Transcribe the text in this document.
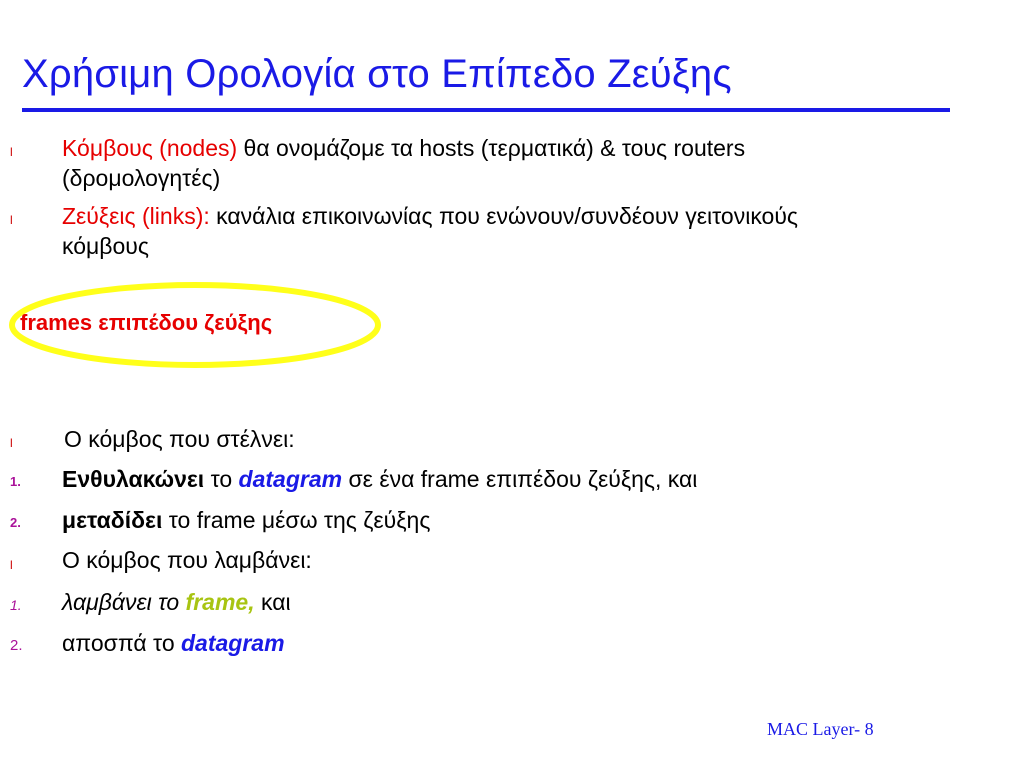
Χρήσιμη Ορολογία στο Επίπεδο Ζεύξης
l Κόμβους (nodes) θα ονομάζομε τα hosts (τερματικά) & τους routers
(δρομολογητές)
l Ζεύξεις (links): κανάλια επικοινωνίας που ενώνουν/συνδέουν γειτονικούς
κόμβους
frames επιπέδου ζεύξης
l Ο κόμβος που στέλνει:
1. Ενθυλακώνει το datagram σε ένα frame επιπέδου ζεύξης, και
2. μεταδίδει το frame μέσω της ζεύξης
l Ο κόμβος που λαμβάνει:
1. λαμβάνει το frame, και
2. αποσπά το datagram
MAC Layer- 8
